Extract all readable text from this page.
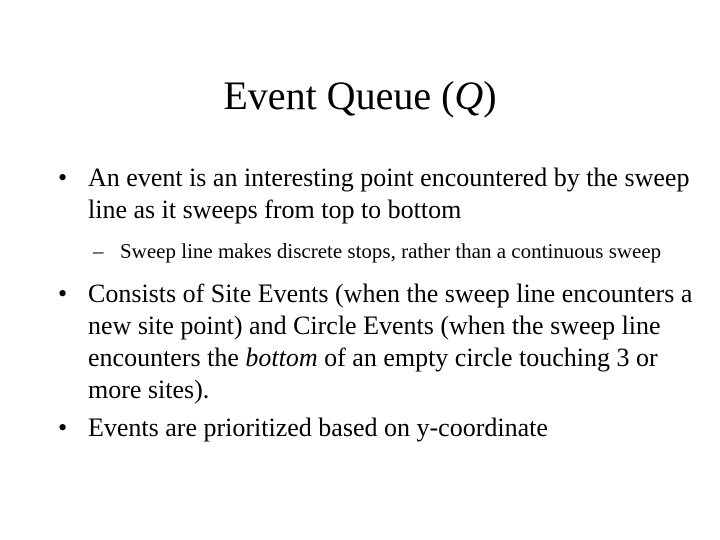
Event Queue (Q)

• An event is an interesting point encountered by the sweep line as it sweeps from top to bottom

– Sweep line makes discrete stops, rather than a continuous sweep

• Consists of Site Events (when the sweep line encounters a new site point) and Circle Events (when the sweep line encounters the bottom of an empty circle touching 3 or more sites).

• Events are prioritized based on y-coordinate
